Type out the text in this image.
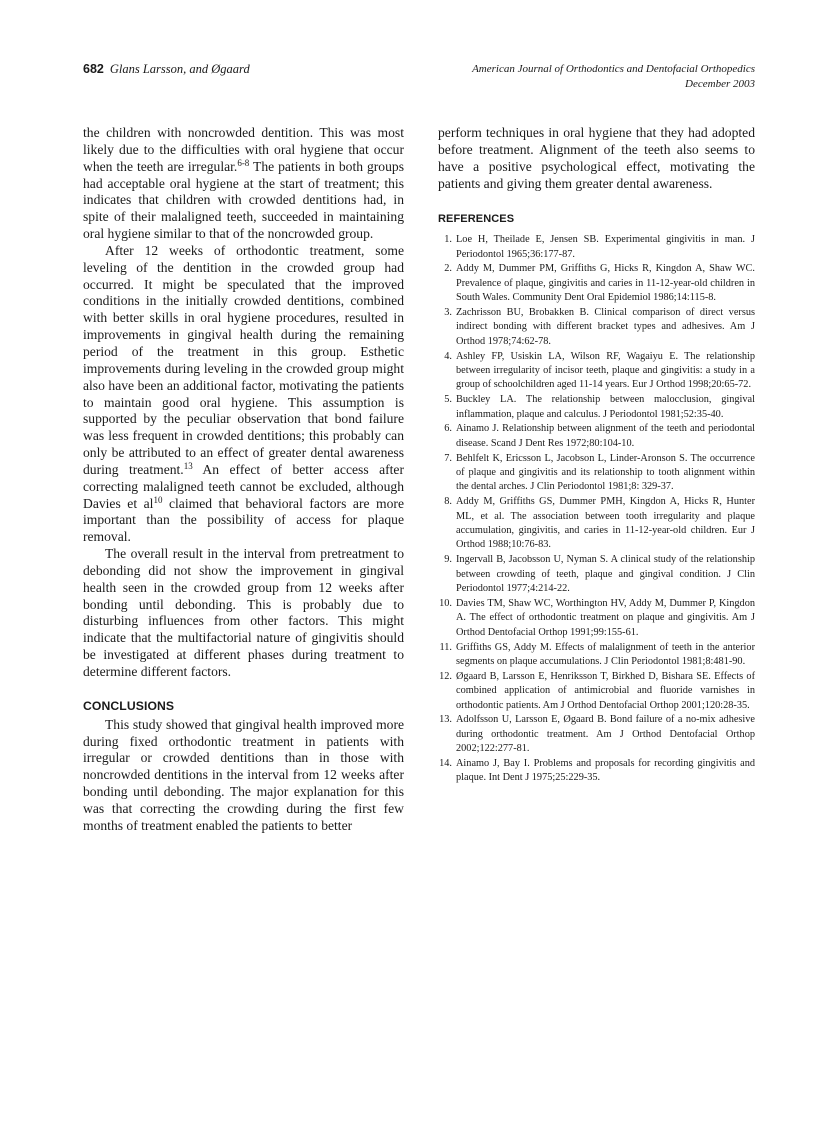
682 Glans Larsson, and Øgaard	American Journal of Orthodontics and Dentofacial Orthopedics
December 2003

the children with noncrowded dentition. This was most likely due to the difficulties with oral hygiene that occur when the teeth are irregular.$^{6-8}$ The patients in both groups had acceptable oral hygiene at the start of treatment; this indicates that children with crowded dentitions had, in spite of their malaligned teeth, succeeded in maintaining oral hygiene similar to that of the noncrowded group.

After 12 weeks of orthodontic treatment, some leveling of the dentition in the crowded group had occurred. It might be speculated that the improved conditions in the initially crowded dentitions, combined with better skills in oral hygiene procedures, resulted in improvements in gingival health during the remaining period of the treatment in this group. Esthetic improvements during leveling in the crowded group might also have been an additional factor, motivating the patients to maintain good oral hygiene. This assumption is supported by the peculiar observation that bond failure was less frequent in crowded dentitions; this probably can only be attributed to an effect of greater dental awareness during treatment.$^{13}$ An effect of better access after correcting malaligned teeth cannot be excluded, although Davies et $al^{10}$ claimed that behavioral factors are more important than the possibility of access for plaque removal.

The overall result in the interval from pretreatment to debonding did not show the improvement in gingival health seen in the crowded group from 12 weeks after bonding until debonding. This is probably due to disturbing influences from other factors. This might indicate that the multifactorial nature of gingivitis should be investigated at different phases during treatment to determine different factors.

CONCLUSIONS

This study showed that gingival health improved more during fixed orthodontic treatment in patients with irregular or crowded dentitions than in those with noncrowded dentitions in the interval from 12 weeks after bonding until debonding. The major explanation for this was that correcting the crowding during the first few months of treatment enabled the patients to better

perform techniques in oral hygiene that they had adopted before treatment. Alignment of the teeth also seems to have a positive psychological effect, motivating the patients and giving them greater dental awareness.

REFERENCES
1. Loe H, Theilade E, Jensen SB. Experimental gingivitis in man. J Periodontol 1965;36:177-87.
2. Addy M, Dummer PM, Griffiths G, Hicks R, Kingdon A, Shaw WC. Prevalence of plaque, gingivitis and caries in 11-12-year-old children in South Wales. Community Dent Oral Epidemiol 1986;14:115-8.
3. Zachrisson BU, Brobakken B. Clinical comparison of direct versus indirect bonding with different bracket types and adhesives. Am J Orthod 1978;74:62-78.
4. Ashley FP, Usiskin LA, Wilson RF, Wagaiyu E. The relationship between irregularity of incisor teeth, plaque and gingivitis: a study in a group of schoolchildren aged 11-14 years. Eur J Orthod 1998;20:65-72.
5. Buckley LA. The relationship between malocclusion, gingival inflammation, plaque and calculus. J Periodontol 1981;52:35-40.
6. Ainamo J. Relationship between alignment of the teeth and periodontal disease. Scand J Dent Res 1972;80:104-10.
7. Behlfelt K, Ericsson L, Jacobson L, Linder-Aronson S. The occurrence of plaque and gingivitis and its relationship to tooth alignment within the dental arches. J Clin Periodontol 1981;8: 329-37.
8. Addy M, Griffiths GS, Dummer PMH, Kingdon A, Hicks R, Hunter ML, et al. The association between tooth irregularity and plaque accumulation, gingivitis, and caries in 11-12-year-old children. Eur J Orthod 1988;10:76-83.
9. Ingervall B, Jacobsson U, Nyman S. A clinical study of the relationship between crowding of teeth, plaque and gingival condition. J Clin Periodontol 1977;4:214-22.
10. Davies TM, Shaw WC, Worthington HV, Addy M, Dummer P, Kingdon A. The effect of orthodontic treatment on plaque and gingivitis. Am J Orthod Dentofacial Orthop 1991;99:155-61.
11. Griffiths GS, Addy M. Effects of malalignment of teeth in the anterior segments on plaque accumulations. J Clin Periodontol 1981;8:481-90.
12. Øgaard B, Larsson E, Henriksson T, Birkhed D, Bishara SE. Effects of combined application of antimicrobial and fluoride varnishes in orthodontic patients. Am J Orthod Dentofacial Orthop 2001;120:28-35.
13. Adolfsson U, Larsson E, Øgaard B. Bond failure of a no-mix adhesive during orthodontic treatment. Am J Orthod Dentofacial Orthop 2002;122:277-81.
14. Ainamo J, Bay I. Problems and proposals for recording gingivitis and plaque. Int Dent J 1975;25:229-35.
